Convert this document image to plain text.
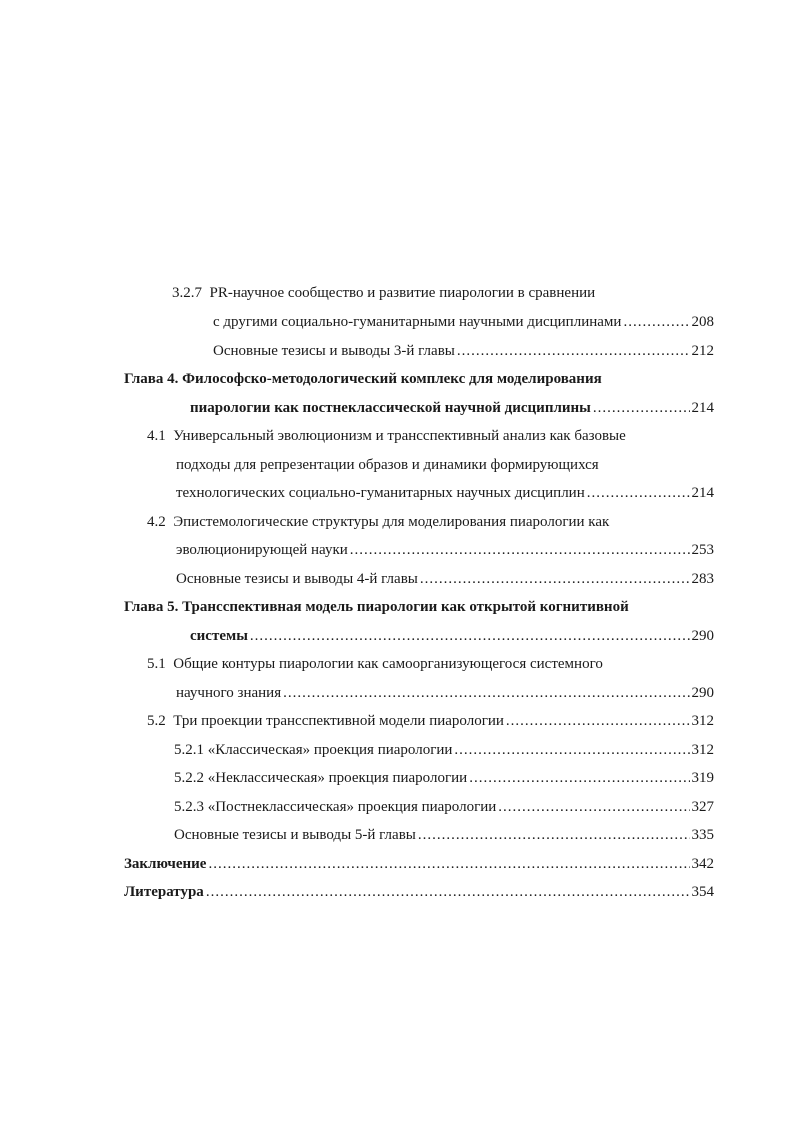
3.2.7 PR-научное сообщество и развитие пиарологии в сравнении
с другими социально-гуманитарными научными дисциплинами .....	208
Основные тезисы и выводы 3-й главы .....	212
Глава 4. Философско-методологический комплекс для моделирования
пиарологии как постнеклассической научной дисциплины .....	214
4.1 Универсальный эволюционизм и трансспективный анализ как базовые
подходы для репрезентации образов и динамики формирующихся
технологических социально-гуманитарных научных дисциплин .....	214
4.2 Эпистемологические структуры для моделирования пиарологии как
эволюционирующей науки .....	253
Основные тезисы и выводы 4-й главы .....	283
Глава 5. Трансспективная модель пиарологии как открытой когнитивной
системы .....	290
5.1 Общие контуры пиарологии как самоорганизующегося системного
научного знания .....	290
5.2 Три проекции трансспективной модели пиарологии .....	312
5.2.1 «Классическая» проекция пиарологии .....	312
5.2.2 «Неклассическая» проекция пиарологии .....	319
5.2.3 «Постнеклассическая» проекция пиарологии .....	327
Основные тезисы и выводы 5-й главы .....	335
Заключение .....	342
Литература .....	354
